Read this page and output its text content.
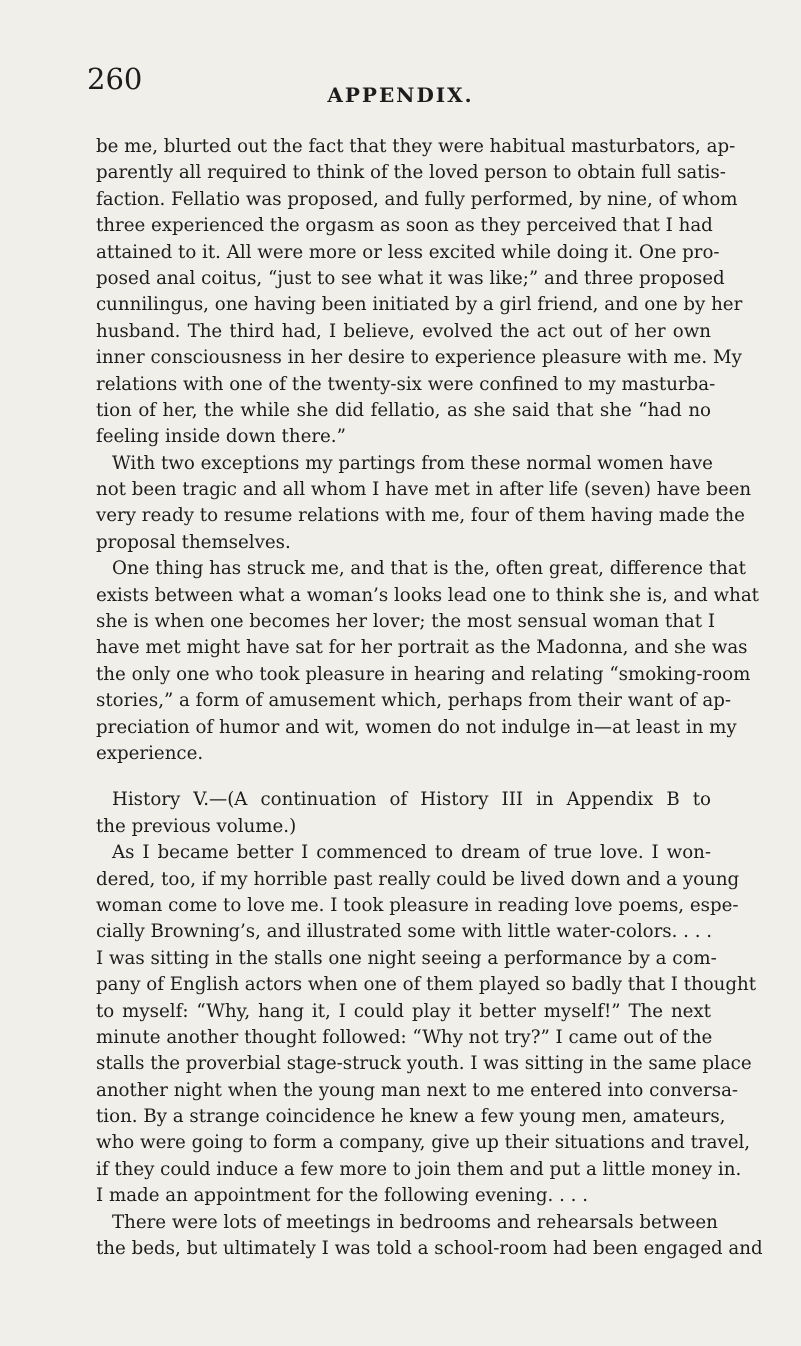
260	APPENDIX.
be me, blurted out the fact that they were habitual masturbators, ap-
parently all required to think of the loved person to obtain full satis-
faction. Fellatio was proposed, and fully performed, by nine, of whom
three experienced the orgasm as soon as they perceived that I had
attained to it. All were more or less excited while doing it. One pro-
posed anal coitus, “just to see what it was like;” and three proposed
cunnilingus, one having been initiated by a girl friend, and one by her
husband. The third had, I believe, evolved the act out of her own
inner consciousness in her desire to experience pleasure with me. My
relations with one of the twenty-six were confined to my masturba-
tion of her, the while she did fellatio, as she said that she “had no
feeling inside down there.”
With two exceptions my partings from these normal women have
not been tragic and all whom I have met in after life (seven) have been
very ready to resume relations with me, four of them having made the
proposal themselves.
One thing has struck me, and that is the, often great, difference that
exists between what a woman’s looks lead one to think she is, and what
she is when one becomes her lover; the most sensual woman that I
have met might have sat for her portrait as the Madonna, and she was
the only one who took pleasure in hearing and relating “smoking-room
stories,” a form of amusement which, perhaps from their want of ap-
preciation of humor and wit, women do not indulge in—at least in my
experience.
History V.—(A continuation of History III in Appendix B to
the previous volume.)
As I became better I commenced to dream of true love. I won-
dered, too, if my horrible past really could be lived down and a young
woman come to love me. I took pleasure in reading love poems, espe-
cially Browning’s, and illustrated some with little water-colors. . . .
I was sitting in the stalls one night seeing a performance by a com-
pany of English actors when one of them played so badly that I thought
to myself: “Why, hang it, I could play it better myself!” The next
minute another thought followed: “Why not try?” I came out of the
stalls the proverbial stage-struck youth. I was sitting in the same place
another night when the young man next to me entered into conversa-
tion. By a strange coincidence he knew a few young men, amateurs,
who were going to form a company, give up their situations and travel,
if they could induce a few more to join them and put a little money in.
I made an appointment for the following evening. . . .
There were lots of meetings in bedrooms and rehearsals between
the beds, but ultimately I was told a school-room had been engaged and
